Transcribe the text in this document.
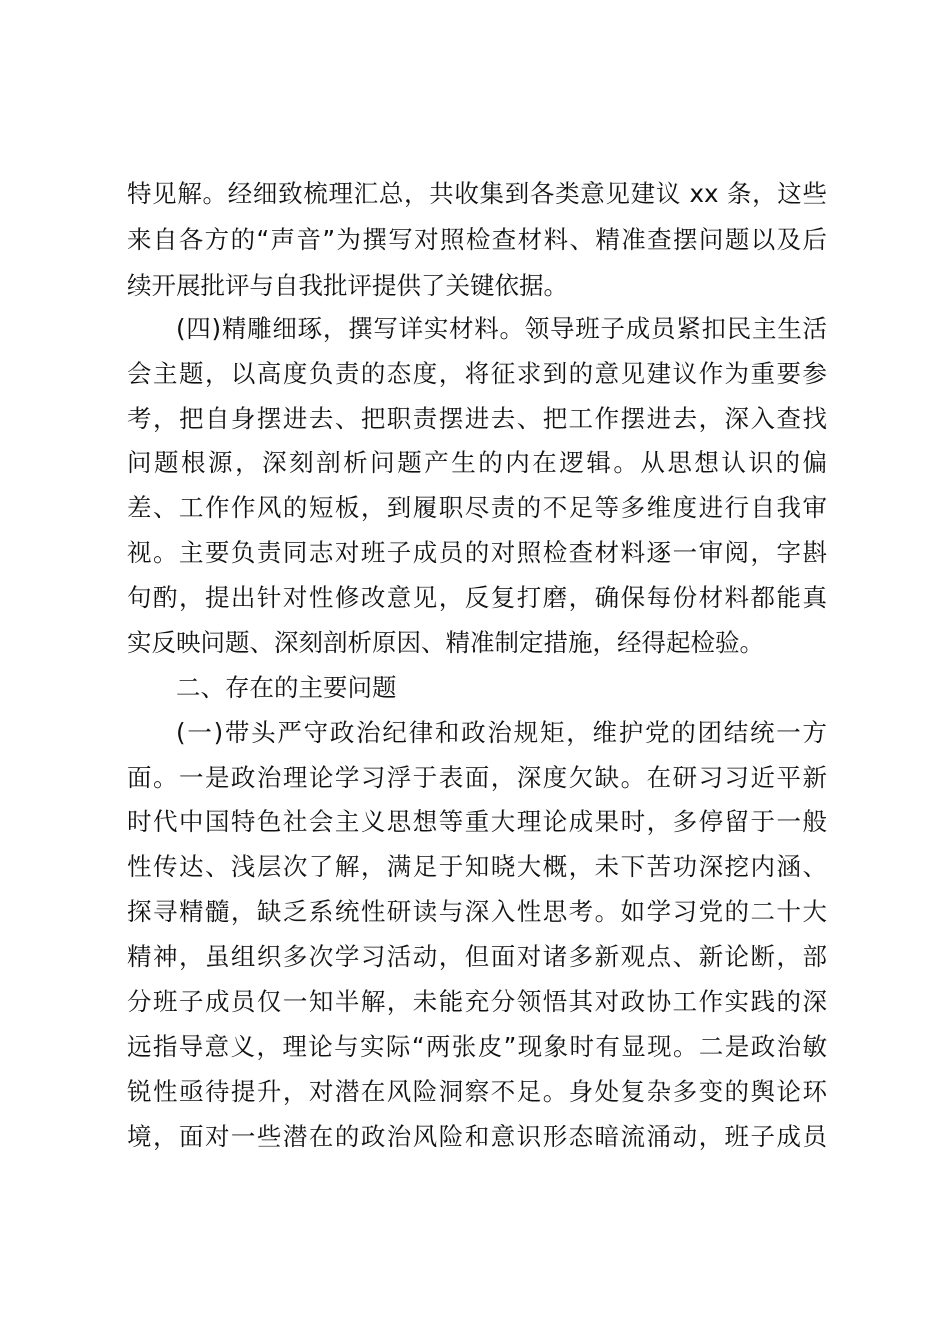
特见解。经细致梳理汇总，共收集到各类意见建议 xx 条，这些
来自各方的“声音”为撰写对照检查材料、精准查摆问题以及后
续开展批评与自我批评提供了关键依据。
(四)精雕细琢，撰写详实材料。领导班子成员紧扣民主生活
会主题，以高度负责的态度，将征求到的意见建议作为重要参
考，把自身摆进去、把职责摆进去、把工作摆进去，深入查找
问题根源，深刻剖析问题产生的内在逻辑。从思想认识的偏
差、工作作风的短板，到履职尽责的不足等多维度进行自我审
视。主要负责同志对班子成员的对照检查材料逐一审阅，字斟
句酌，提出针对性修改意见，反复打磨，确保每份材料都能真
实反映问题、深刻剖析原因、精准制定措施，经得起检验。
二、存在的主要问题
(一)带头严守政治纪律和政治规矩，维护党的团结统一方
面。一是政治理论学习浮于表面，深度欠缺。在研习习近平新
时代中国特色社会主义思想等重大理论成果时，多停留于一般
性传达、浅层次了解，满足于知晓大概，未下苦功深挖内涵、
探寻精髓，缺乏系统性研读与深入性思考。如学习党的二十大
精神，虽组织多次学习活动，但面对诸多新观点、新论断，部
分班子成员仅一知半解，未能充分领悟其对政协工作实践的深
远指导意义，理论与实际“两张皮”现象时有显现。二是政治敏
锐性亟待提升，对潜在风险洞察不足。身处复杂多变的舆论环
境，面对一些潜在的政治风险和意识形态暗流涌动，班子成员
